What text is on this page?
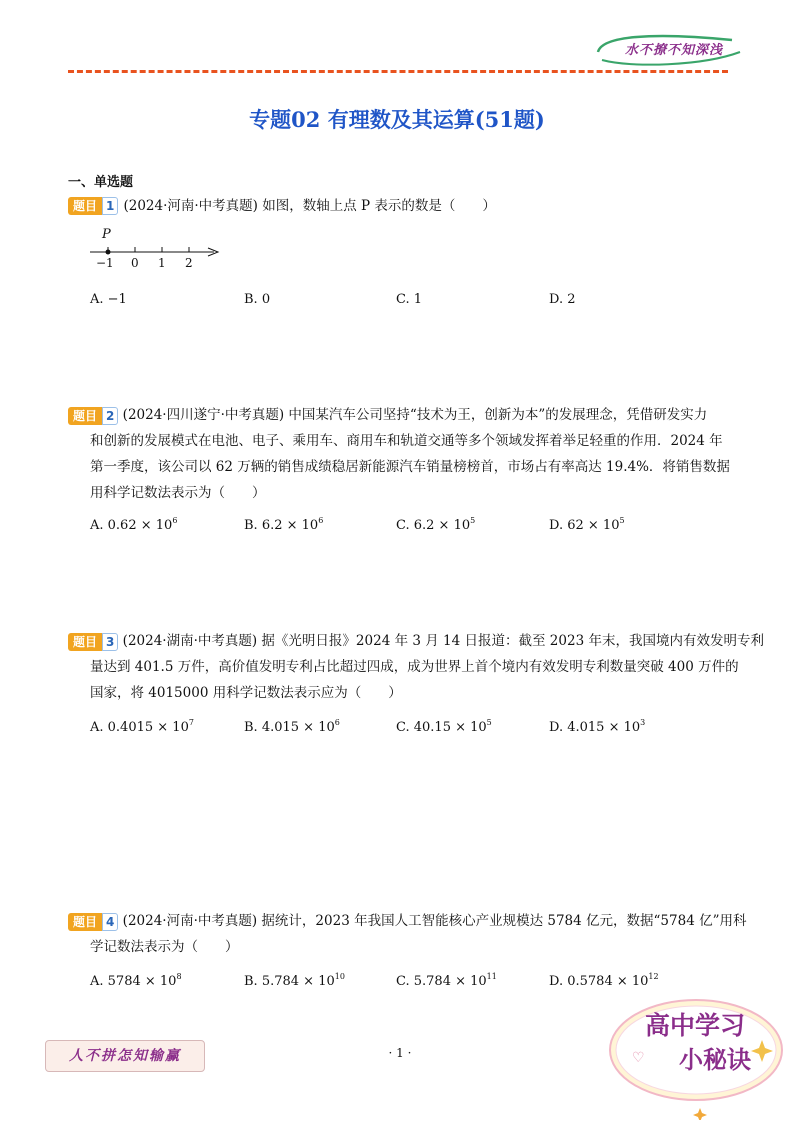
水不撩不知深浅
专题02 有理数及其运算(51题)
一、单选题
题目 1 (2024·河南·中考真题) 如图，数轴上点 P 表示的数是（　　）
P
−1 0 1 2
A. −1	B. 0	C. 1	D. 2
题目 2 (2024·四川遂宁·中考真题) 中国某汽车公司坚持“技术为王，创新为本”的发展理念，凭借研发实力
和创新的发展模式在电池、电子、乘用车、商用车和轨道交通等多个领域发挥着举足轻重的作用．2024 年
第一季度，该公司以 62 万辆的销售成绩稳居新能源汽车销量榜榜首，市场占有率高达 19.4%．将销售数据
用科学记数法表示为（　　）
A. $0.62 \times 10^6$	B. $6.2 \times 10^6$	C. $6.2 \times 10^5$	D. $62 \times 10^5$
题目 3 (2024·湖南·中考真题) 据《光明日报》2024 年 3 月 14 日报道：截至 2023 年末，我国境内有效发明专利
量达到 401.5 万件，高价值发明专利占比超过四成，成为世界上首个境内有效发明专利数量突破 400 万件的
国家，将 4015000 用科学记数法表示应为（　　）
A. $0.4015 \times 10^7$	B. $4.015 \times 10^6$	C. $40.15 \times 10^5$	D. $4.015 \times 10^3$
题目 4 (2024·河南·中考真题) 据统计，2023 年我国人工智能核心产业规模达 5784 亿元，数据“5784 亿”用科
学记数法表示为（　　）
A. $5784 \times 10^8$	B. $5.784 \times 10^{10}$	C. $5.784 \times 10^{11}$	D. $0.5784 \times 10^{12}$
人不拼怎知输赢	· 1 ·	♡
高中学习
小秘诀
